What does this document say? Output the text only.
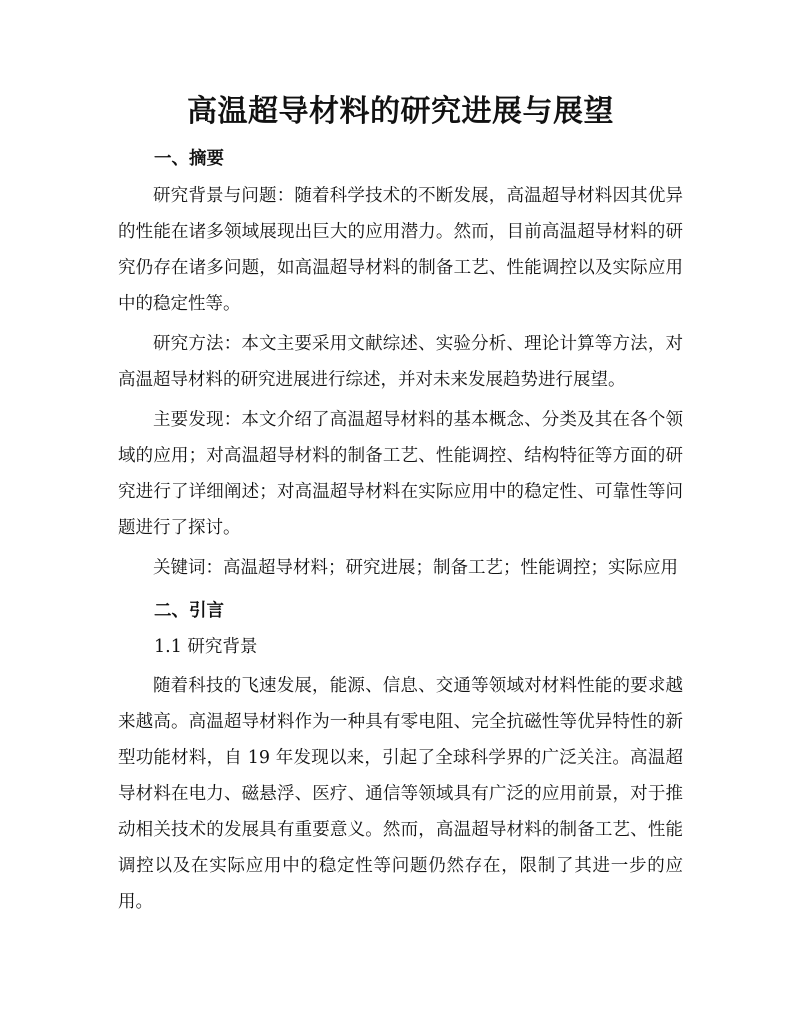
高温超导材料的研究进展与展望
一、摘要

研究背景与问题：随着科学技术的不断发展，高温超导材料因其优异的性能在诸多领域展现出巨大的应用潜力。然而，目前高温超导材料的研究仍存在诸多问题，如高温超导材料的制备工艺、性能调控以及实际应用中的稳定性等。

研究方法：本文主要采用文献综述、实验分析、理论计算等方法，对高温超导材料的研究进展进行综述，并对未来发展趋势进行展望。

主要发现：本文介绍了高温超导材料的基本概念、分类及其在各个领域的应用；对高温超导材料的制备工艺、性能调控、结构特征等方面的研究进行了详细阐述；对高温超导材料在实际应用中的稳定性、可靠性等问题进行了探讨。

关键词：高温超导材料；研究进展；制备工艺；性能调控；实际应用

二、引言
1.1 研究背景

随着科技的飞速发展，能源、信息、交通等领域对材料性能的要求越来越高。高温超导材料作为一种具有零电阻、完全抗磁性等优异特性的新型功能材料，自 19 年发现以来，引起了全球科学界的广泛关注。高温超导材料在电力、磁悬浮、医疗、通信等领域具有广泛的应用前景，对于推动相关技术的发展具有重要意义。然而，高温超导材料的制备工艺、性能调控以及在实际应用中的稳定性等问题仍然存在，限制了其进一步的应用。
